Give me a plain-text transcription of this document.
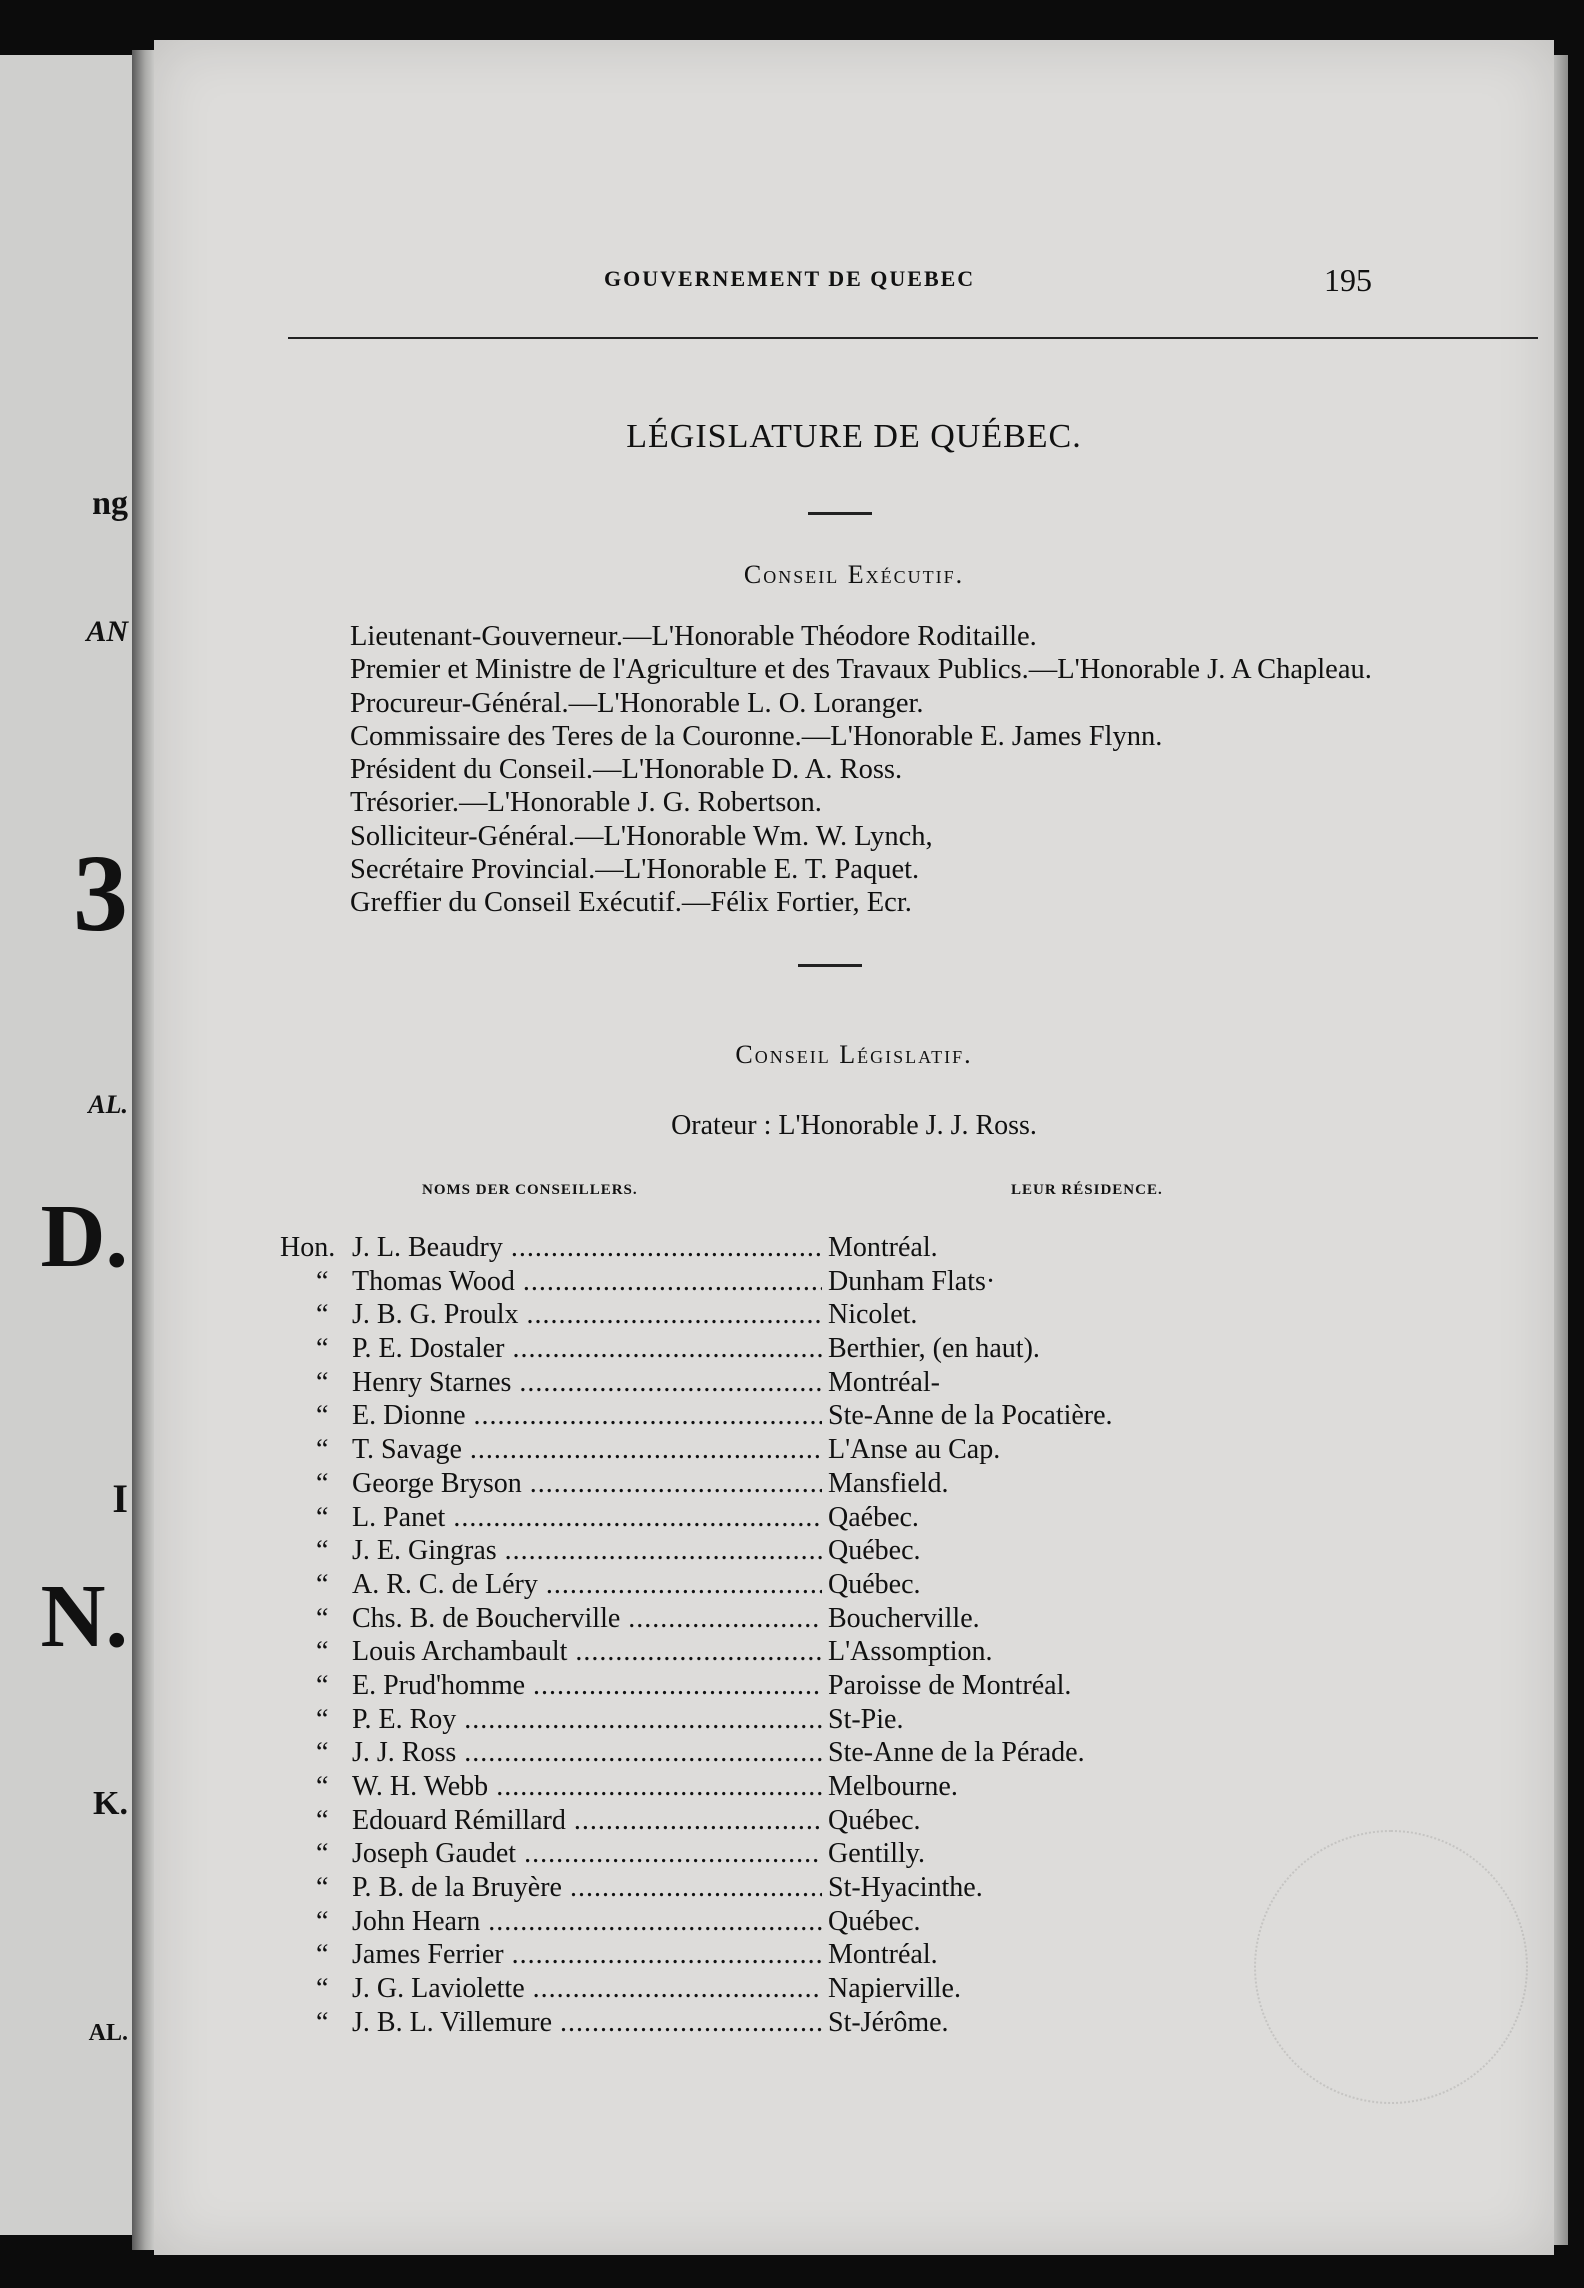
ng
AN
3
AL.
D.
I
N.
K.
AL.
GOUVERNEMENT DE QUEBEC	195
LÉGISLATURE DE QUÉBEC.
Conseil Exécutif.
Lieutenant-Gouverneur.—L'Honorable Théodore Roditaille.
Premier et Ministre de l'Agriculture et des Travaux Publics.—L'Honorable J. A Chapleau.
Procureur-Général.—L'Honorable L. O. Loranger.
Commissaire des Teres de la Couronne.—L'Honorable E. James Flynn.
Président du Conseil.—L'Honorable D. A. Ross.
Trésorier.—L'Honorable J. G. Robertson.
Solliciteur-Général.—L'Honorable Wm. W. Lynch,
Secrétaire Provincial.—L'Honorable E. T. Paquet.
Greffier du Conseil Exécutif.—Félix Fortier, Ecr.
Conseil Législatif.
Orateur : L'Honorable J. J. Ross.
NOMS DER CONSEILLERS.	LEUR RÉSIDENCE.
Hon. J. L. Beaudry .....	Montréal.
“ Thomas Wood .....	Dunham Flats·
“ J. B. G. Proulx .....	Nicolet.
“ P. E. Dostaler .....	Berthier, (en haut).
“ Henry Starnes .....	Montréal-
“ E. Dionne .....	Ste-Anne de la Pocatière.
“ T. Savage .....	L'Anse au Cap.
“ George Bryson .....	Mansfield.
“ L. Panet .....	Qaébec.
“ J. E. Gingras .....	Québec.
“ A. R. C. de Léry .....	Québec.
“ Chs. B. de Boucherville .....	Boucherville.
“ Louis Archambault .....	L'Assomption.
“ E. Prud'homme .....	Paroisse de Montréal.
“ P. E. Roy .....	St-Pie.
“ J. J. Ross .....	Ste-Anne de la Pérade.
“ W. H. Webb .....	Melbourne.
“ Edouard Rémillard .....	Québec.
“ Joseph Gaudet .....	Gentilly.
“ P. B. de la Bruyère .....	St-Hyacinthe.
“ John Hearn .....	Québec.
“ James Ferrier .....	Montréal.
“ J. G. Laviolette .....	Napierville.
“ J. B. L. Villemure .....	St-Jérôme.
